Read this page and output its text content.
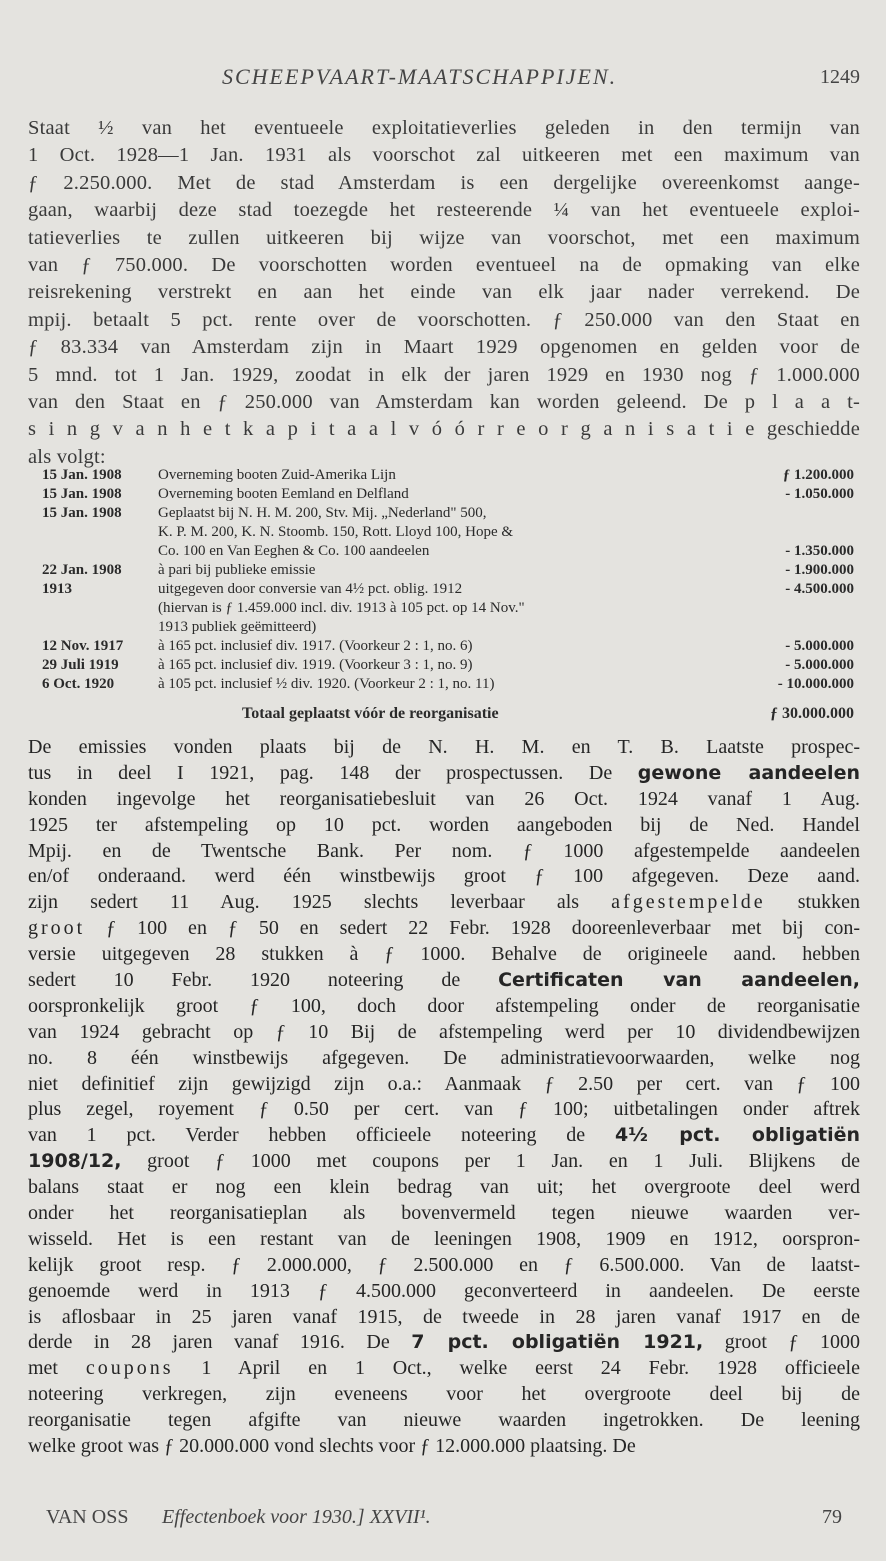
SCHEEPVAART-MAATSCHAPPIJEN.	1249
Staat ½ van het eventueele exploitatieverlies geleden in den termijn van
1 Oct. 1928—1 Jan. 1931 als voorschot zal uitkeeren met een maximum van
ƒ 2.250.000. Met de stad Amsterdam is een dergelijke overeenkomst aange-
gaan, waarbij deze stad toezegde het resteerende ¼ van het eventueele exploi-
tatieverlies te zullen uitkeeren bij wijze van voorschot, met een maximum
van ƒ 750.000. De voorschotten worden eventueel na de opmaking van elke
reisrekening verstrekt en aan het einde van elk jaar nader verrekend. De
mpij. betaalt 5 pct. rente over de voorschotten. ƒ 250.000 van den Staat en
ƒ 83.334 van Amsterdam zijn in Maart 1929 opgenomen en gelden voor de
5 mnd. tot 1 Jan. 1929, zoodat in elk der jaren 1929 en 1930 nog ƒ 1.000.000
van den Staat en ƒ 250.000 van Amsterdam kan worden geleend. De p l a a t-
s i n g v a n h e t k a p i t a a l v ó ó r r e o r g a n i s a t i e geschiedde
als volgt:
15 Jan. 1908	Overneming booten Zuid-Amerika Lijn	ƒ 1.200.000
15 Jan. 1908	Overneming booten Eemland en Delfland	- 1.050.000
15 Jan. 1908	Geplaatst bij N. H. M. 200, Stv. Mij. „Nederland" 500,
K. P. M. 200, K. N. Stoomb. 150, Rott. Lloyd 100, Hope &
Co. 100 en Van Eeghen & Co. 100 aandeelen	- 1.350.000
22 Jan. 1908	à pari bij publieke emissie	- 1.900.000
1913	uitgegeven door conversie van 4½ pct. oblig. 1912	- 4.500.000
(hiervan is ƒ 1.459.000 incl. div. 1913 à 105 pct. op 14 Nov."
1913 publiek geëmitteerd)
12 Nov. 1917	à 165 pct. inclusief div. 1917. (Voorkeur 2 : 1, no. 6)	- 5.000.000
29 Juli 1919	à 165 pct. inclusief div. 1919. (Voorkeur 3 : 1, no. 9)	- 5.000.000
6 Oct. 1920	à 105 pct. inclusief ½ div. 1920. (Voorkeur 2 : 1, no. 11)	- 10.000.000
Totaal geplaatst vóór de reorganisatie	ƒ 30.000.000
De emissies vonden plaats bij de N. H. M. en T. B. Laatste prospec-
tus in deel I 1921, pag. 148 der prospectussen. De gewone aandeelen
konden ingevolge het reorganisatiebesluit van 26 Oct. 1924 vanaf 1 Aug.
1925 ter afstempeling op 10 pct. worden aangeboden bij de Ned. Handel
Mpij. en de Twentsche Bank. Per nom. ƒ 1000 afgestempelde aandeelen
en/of onderaand. werd één winstbewijs groot ƒ 100 afgegeven. Deze aand.
zijn sedert 11 Aug. 1925 slechts leverbaar als afgestempelde stukken
groot ƒ 100 en ƒ 50 en sedert 22 Febr. 1928 dooreenleverbaar met bij con-
versie uitgegeven 28 stukken à ƒ 1000. Behalve de origineele aand. hebben
sedert 10 Febr. 1920 noteering de Certificaten van aandeelen,
oorspronkelijk groot ƒ 100, doch door afstempeling onder de reorganisatie
van 1924 gebracht op ƒ 10 Bij de afstempeling werd per 10 dividendbewijzen
no. 8 één winstbewijs afgegeven. De administratievoorwaarden, welke nog
niet definitief zijn gewijzigd zijn o.a.: Aanmaak ƒ 2.50 per cert. van ƒ 100
plus zegel, royement ƒ 0.50 per cert. van ƒ 100; uitbetalingen onder aftrek
van 1 pct. Verder hebben officieele noteering de 4½ pct. obligatiën
1908/12, groot ƒ 1000 met coupons per 1 Jan. en 1 Juli. Blijkens de
balans staat er nog een klein bedrag van uit; het overgroote deel werd
onder het reorganisatieplan als bovenvermeld tegen nieuwe waarden ver-
wisseld. Het is een restant van de leeningen 1908, 1909 en 1912, oorspron-
kelijk groot resp. ƒ 2.000.000, ƒ 2.500.000 en ƒ 6.500.000. Van de laatst-
genoemde werd in 1913 ƒ 4.500.000 geconverteerd in aandeelen. De eerste
is aflosbaar in 25 jaren vanaf 1915, de tweede in 28 jaren vanaf 1917 en de
derde in 28 jaren vanaf 1916. De 7 pct. obligatiën 1921, groot ƒ 1000
met coupons 1 April en 1 Oct., welke eerst 24 Febr. 1928 officieele
noteering verkregen, zijn eveneens voor het overgroote deel bij de
reorganisatie tegen afgifte van nieuwe waarden ingetrokken. De leening
welke groot was ƒ 20.000.000 vond slechts voor ƒ 12.000.000 plaatsing. De
VAN OSS Effectenboek voor 1930.] XXVII¹.	79
